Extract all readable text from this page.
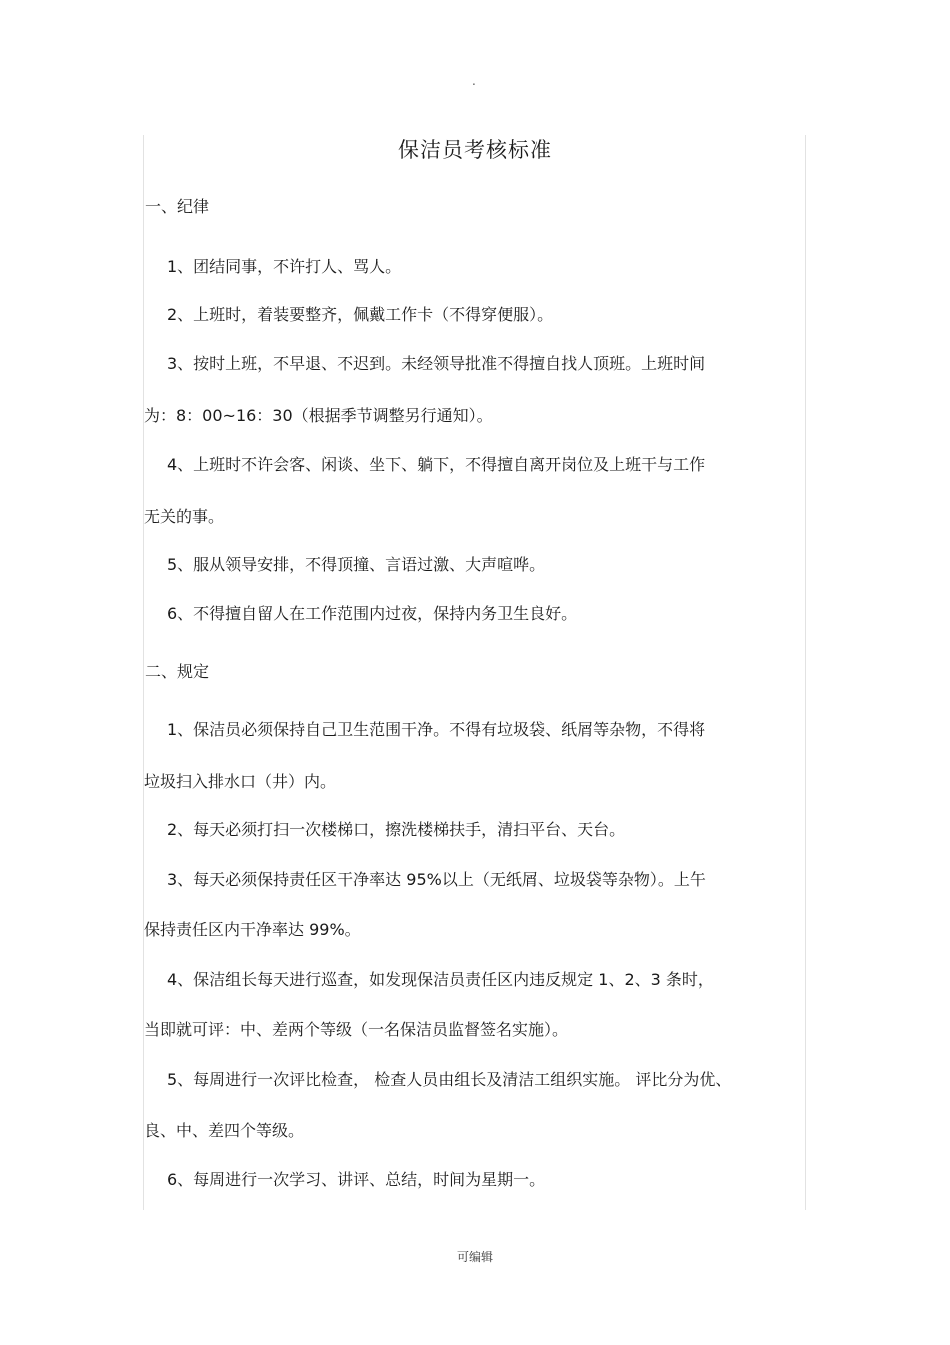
.
保洁员考核标准
一、纪律
1、团结同事，不许打人、骂人。
2、上班时，着装要整齐，佩戴工作卡（不得穿便服）。
3、按时上班，不早退、不迟到。未经领导批准不得擅自找人顶班。上班时间
为：8：00~16：30（根据季节调整另行通知）。
4、上班时不许会客、闲谈、坐下、躺下，不得擅自离开岗位及上班干与工作
无关的事。
5、服从领导安排，不得顶撞、言语过激、大声喧哗。
6、不得擅自留人在工作范围内过夜，保持内务卫生良好。
二、规定
1、保洁员必须保持自己卫生范围干净。不得有垃圾袋、纸屑等杂物，不得将
垃圾扫入排水口（井）内。
2、每天必须打扫一次楼梯口，擦洗楼梯扶手，清扫平台、天台。
3、每天必须保持责任区干净率达 95%以上（无纸屑、垃圾袋等杂物）。上午
保持责任区内干净率达 99%。
4、保洁组长每天进行巡查，如发现保洁员责任区内违反规定 1、2、3 条时，
当即就可评：中、差两个等级（一名保洁员监督签名实施）。
5、每周进行一次评比检查， 检查人员由组长及清洁工组织实施。 评比分为优、
良、中、差四个等级。
6、每周进行一次学习、讲评、总结，时间为星期一。
可编辑
